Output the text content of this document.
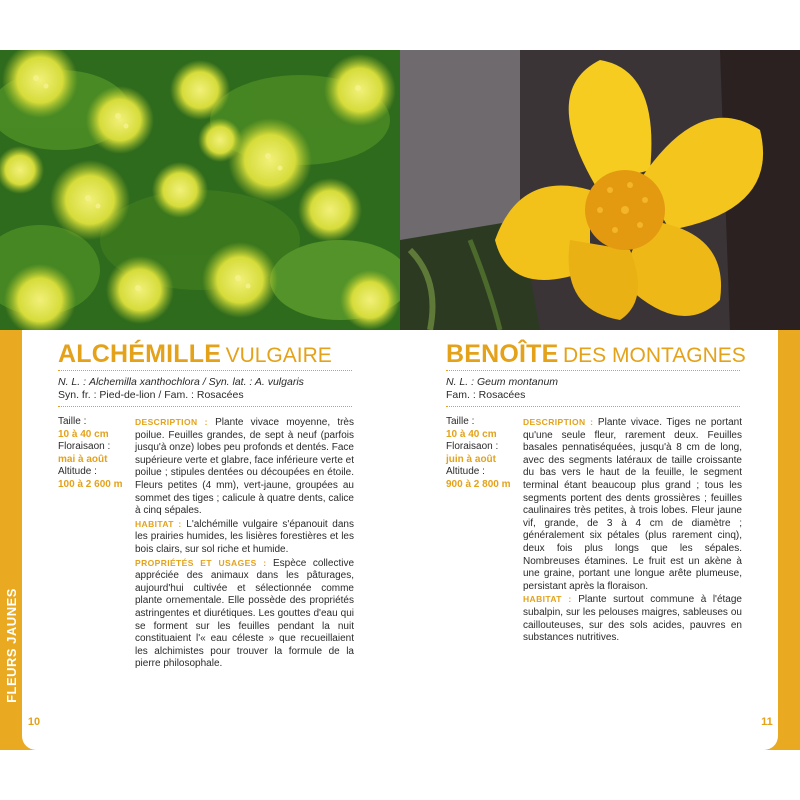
ALCHÉMILLE VULGAIRE
N. L. : Alchemilla xanthochlora / Syn. lat. : A. vulgaris
Syn. fr. : Pied-de-lion / Fam. : Rosacées
Taille :
10 à 40 cm
Floraisaon :
mai à août
Altitude :
100 à 2 600 m
DESCRIPTION : Plante vivace moyenne, très poilue. Feuilles grandes, de sept à neuf (parfois jusqu'à onze) lobes peu profonds et dentés. Face supérieure verte et glabre, face inférieure verte et poilue ; stipules dentées ou découpées en étoile. Fleurs petites (4 mm), vert-jaune, groupées au sommet des tiges ; calicule à quatre dents, calice à cinq sépales.
HABITAT : L'alchémille vulgaire s'épanouit dans les prairies humides, les lisières forestières et les bois clairs, sur sol riche et humide.
PROPRIÉTÉS ET USAGES : Espèce collective appréciée des animaux dans les pâturages, aujourd'hui cultivée et sélectionnée comme plante ornementale. Elle possède des propriétés astringentes et diurétiques. Les gouttes d'eau qui se forment sur les feuilles pendant la nuit constituaient l'« eau céleste » que recueillaient les alchimistes pour trouver la formule de la pierre philosophale.
FLEURS JAUNES
10
BENOÎTE DES MONTAGNES
N. L. : Geum montanum
Fam. : Rosacées
Taille :
10 à 40 cm
Floraisaon :
juin à août
Altitude :
900 à 2 800 m
DESCRIPTION : Plante vivace. Tiges ne portant qu'une seule fleur, rarement deux. Feuilles basales pennatiséquées, jusqu'à 8 cm de long, avec des segments latéraux de taille croissante du bas vers le haut de la feuille, le segment terminal étant beaucoup plus grand ; tous les segments portent des dents grossières ; feuilles caulinaires très petites, à trois lobes. Fleur jaune vif, grande, de 3 à 4 cm de diamètre ; généralement six pétales (plus rarement cinq), deux fois plus longs que les sépales. Nombreuses étamines. Le fruit est un akène à une graine, portant une longue arête plumeuse, persistant après la floraison.
HABITAT : Plante surtout commune à l'étage subalpin, sur les pelouses maigres, sableuses ou caillouteuses, sur des sols acides, pauvres en substances nutritives.	FLEURS JAUNES
11
